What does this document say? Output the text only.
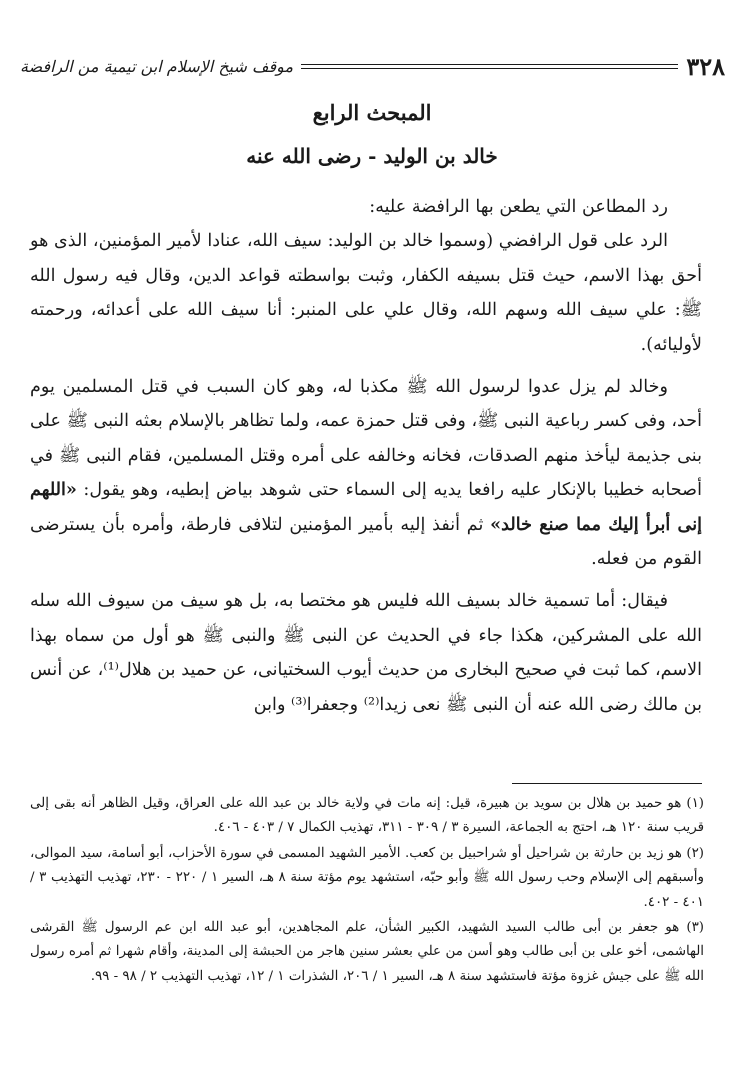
موقف شيخ الإسلام ابن تيمية من الرافضة	٣٢٨
المبحث الرابع
خالد بن الوليد - رضى الله عنه

رد المطاعن التي يطعن بها الرافضة عليه:

الرد على قول الرافضي (وسموا خالد بن الوليد: سيف الله، عنادا لأمير المؤمنين، الذى هو أحق بهذا الاسم، حيث قتل بسيفه الكفار، وثبت بواسطته قواعد الدين، وقال فيه رسول الله ﷺ: علي سيف الله وسهم الله، وقال علي على المنبر: أنا سيف الله على أعدائه، ورحمته لأوليائه).

وخالد لم يزل عدوا لرسول الله ﷺ مكذبا له، وهو كان السبب في قتل المسلمين يوم أحد، وفى كسر رباعية النبى ﷺ، وفى قتل حمزة عمه، ولما تظاهر بالإسلام بعثه النبى ﷺ على بنى جذيمة ليأخذ منهم الصدقات، فخانه وخالفه على أمره وقتل المسلمين، فقام النبى ﷺ في أصحابه خطيبا بالإنكار عليه رافعا يديه إلى السماء حتى شوهد بياض إبطيه، وهو يقول: «اللهم إنى أبرأ إليك مما صنع خالد» ثم أنفذ إليه بأمير المؤمنين لتلافى فارطة، وأمره بأن يسترضى القوم من فعله.

فيقال: أما تسمية خالد بسيف الله فليس هو مختصا به، بل هو سيف من سيوف الله سله الله على المشركين، هكذا جاء في الحديث عن النبى ﷺ والنبى ﷺ هو أول من سماه بهذا الاسم، كما ثبت في صحيح البخارى من حديث أيوب السختيانى، عن حميد بن هلال⁽¹⁾، عن أنس بن مالك رضى الله عنه أن النبى ﷺ نعى زيدا⁽²⁾ وجعفرا⁽³⁾ وابن

(١) هو حميد بن هلال بن سويد بن هبيرة، قيل: إنه مات في ولاية خالد بن عبد الله على العراق، وقيل الظاهر أنه بقى إلى قريب سنة ١٢٠ هـ، احتج به الجماعة، السيرة ٣ / ٣٠٩ - ٣١١، تهذيب الكمال ٧ / ٤٠٣ - ٤٠٦.

(٢) هو زيد بن حارثة بن شراحيل أو شراحبيل بن كعب. الأمير الشهيد المسمى في سورة الأحزاب، أبو أسامة، سيد الموالى، وأسبقهم إلى الإسلام وحب رسول الله ﷺ وأبو حبّه، استشهد يوم مؤتة سنة ٨ هـ، السير ١ / ٢٢٠ - ٢٣٠، تهذيب التهذيب ٣ / ٤٠١ - ٤٠٢.

(٣) هو جعفر بن أبى طالب السيد الشهيد، الكبير الشأن، علم المجاهدين، أبو عبد الله ابن عم الرسول ﷺ القرشى الهاشمى، أخو على بن أبى طالب وهو أسن من علي بعشر سنين هاجر من الحبشة إلى المدينة، وأقام شهرا ثم أمره رسول الله ﷺ على جيش غزوة مؤتة فاستشهد سنة ٨ هـ، السير ١ / ٢٠٦، الشذرات ١ / ١٢، تهذيب التهذيب ٢ / ٩٨ - ٩٩.
